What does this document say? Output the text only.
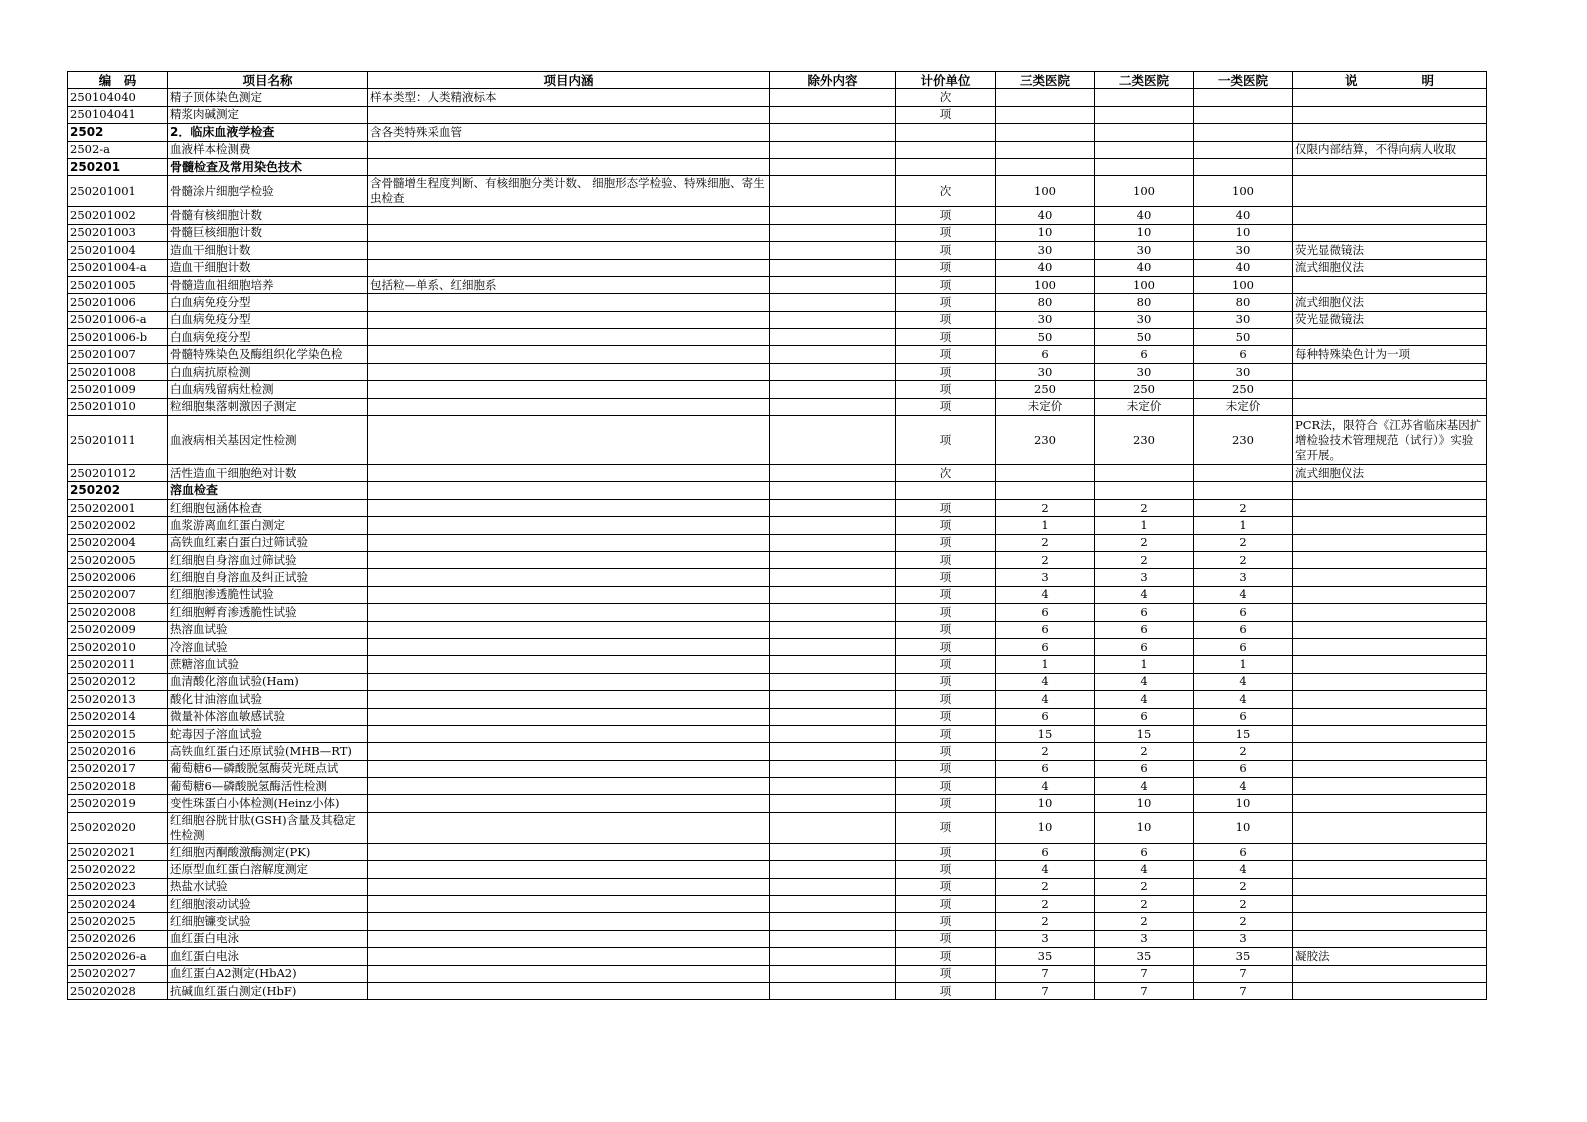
编　码	项目名称	项目内涵	除外内容	计价单位	三类医院	二类医院	一类医院	说 明

250104040	精子顶体染色测定	样本类型：人类精液标本		次				
250104041	精浆肉碱测定			项				
2502	2．临床血液学检查	含各类特殊采血管						
2502-a	血液样本检测费							仅限内部结算，不得向病人收取
250201	骨髓检查及常用染色技术							
250201001	骨髓涂片细胞学检验	含骨髓增生程度判断、有核细胞分类计数、 细胞形态学检验、特殊细胞、寄生虫检查		次	100	100	100	
250201002	骨髓有核细胞计数			项	40	40	40	
250201003	骨髓巨核细胞计数			项	10	10	10	
250201004	造血干细胞计数			项	30	30	30	荧光显微镜法
250201004-a	造血干细胞计数			项	40	40	40	流式细胞仪法
250201005	骨髓造血祖细胞培养	包括粒—单系、红细胞系		项	100	100	100	
250201006	白血病免疫分型			项	80	80	80	流式细胞仪法
250201006-a	白血病免疫分型			项	30	30	30	荧光显微镜法
250201006-b	白血病免疫分型			项	50	50	50	
250201007	骨髓特殊染色及酶组织化学染色检			项	6	6	6	每种特殊染色计为一项
250201008	白血病抗原检测			项	30	30	30	
250201009	白血病残留病灶检测			项	250	250	250	
250201010	粒细胞集落刺激因子测定			项	未定价	未定价	未定价	
250201011	血液病相关基因定性检测			项	230	230	230	PCR法，限符合《江苏省临床基因扩增检验技术管理规范（试行）》实验室开展。
250201012	活性造血干细胞绝对计数			次				流式细胞仪法
250202	溶血检查							
250202001	红细胞包涵体检查			项	2	2	2	
250202002	血浆游离血红蛋白测定			项	1	1	1	
250202004	高铁血红素白蛋白过筛试验			项	2	2	2	
250202005	红细胞自身溶血过筛试验			项	2	2	2	
250202006	红细胞自身溶血及纠正试验			项	3	3	3	
250202007	红细胞渗透脆性试验			项	4	4	4	
250202008	红细胞孵育渗透脆性试验			项	6	6	6	
250202009	热溶血试验			项	6	6	6	
250202010	冷溶血试验			项	6	6	6	
250202011	蔗糖溶血试验			项	1	1	1	
250202012	血清酸化溶血试验(Ham)			项	4	4	4	
250202013	酸化甘油溶血试验			项	4	4	4	
250202014	微量补体溶血敏感试验			项	6	6	6	
250202015	蛇毒因子溶血试验			项	15	15	15	
250202016	高铁血红蛋白还原试验(MHB—RT)			项	2	2	2	
250202017	葡萄糖6—磷酸脱氢酶荧光斑点试			项	6	6	6	
250202018	葡萄糖6—磷酸脱氢酶活性检测			项	4	4	4	
250202019	变性珠蛋白小体检测(Heinz小体)			项	10	10	10	
250202020	红细胞谷胱甘肽(GSH)含量及其稳定性检测			项	10	10	10	
250202021	红细胞丙酮酸激酶测定(PK)			项	6	6	6	
250202022	还原型血红蛋白溶解度测定			项	4	4	4	
250202023	热盐水试验			项	2	2	2	
250202024	红细胞滚动试验			项	2	2	2	
250202025	红细胞镰变试验			项	2	2	2	
250202026	血红蛋白电泳			项	3	3	3	
250202026-a	血红蛋白电泳			项	35	35	35	凝胶法
250202027	血红蛋白A2测定(HbA2)			项	7	7	7	
250202028	抗碱血红蛋白测定(HbF)			项	7	7	7	
